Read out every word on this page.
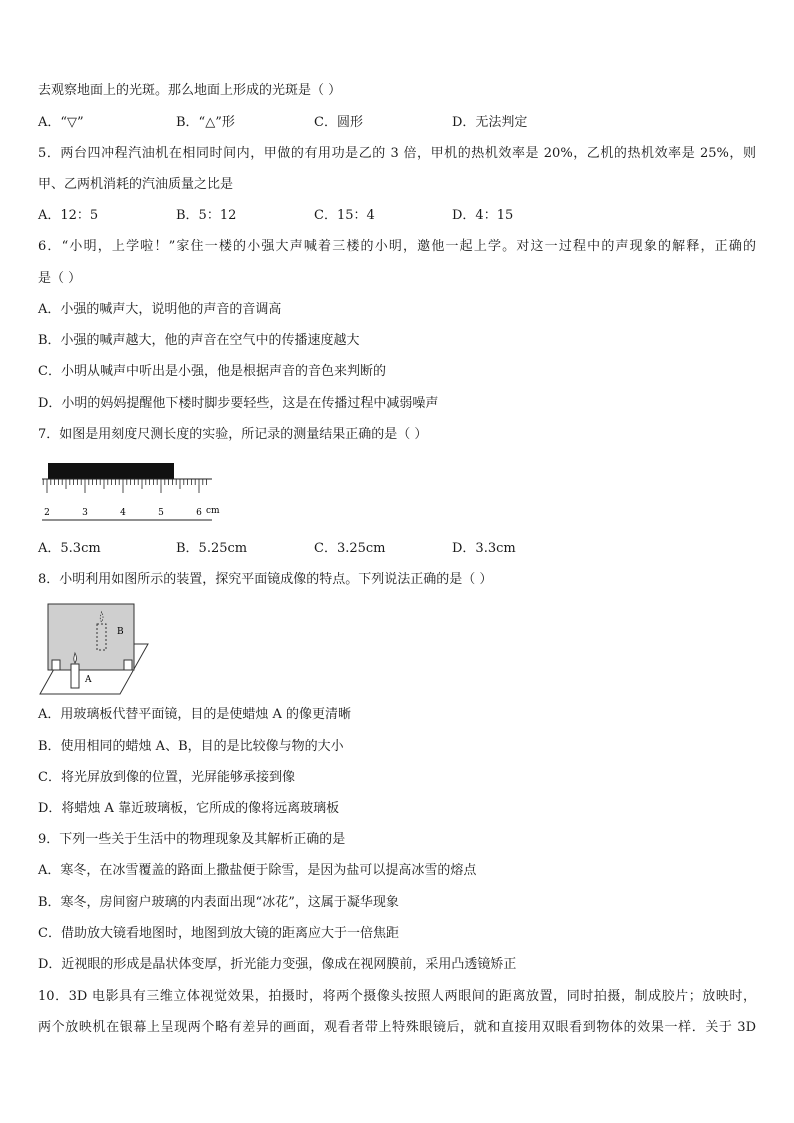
去观察地面上的光斑。那么地面上形成的光斑是（ ）
A．“▽”	B．“△”形	C．圆形	D．无法判定
5．两台四冲程汽油机在相同时间内，甲做的有用功是乙的 3 倍，甲机的热机效率是 20%，乙机的热机效率是 25%，则
甲、乙两机消耗的汽油质量之比是
A．12：5	B．5：12	C．15：4	D．4：15
6．“小明，上学啦！”家住一楼的小强大声喊着三楼的小明，邀他一起上学。对这一过程中的声现象的解释，正确的
是（ ）
A．小强的喊声大，说明他的声音的音调高
B．小强的喊声越大，他的声音在空气中的传播速度越大
C．小明从喊声中听出是小强，他是根据声音的音色来判断的
D．小明的妈妈提醒他下楼时脚步要轻些，这是在传播过程中减弱噪声
7．如图是用刻度尺测长度的实验，所记录的测量结果正确的是（ ）
2	3	4	5	6 cm
A．5.3cm	B．5.25cm	C．3.25cm	D．3.3cm
8．小明利用如图所示的装置，探究平面镜成像的特点。下列说法正确的是（ ）
B
A
A．用玻璃板代替平面镜，目的是使蜡烛 A 的像更清晰
B．使用相同的蜡烛 A、B，目的是比较像与物的大小
C．将光屏放到像的位置，光屏能够承接到像
D．将蜡烛 A 靠近玻璃板，它所成的像将远离玻璃板
9．下列一些关于生活中的物理现象及其解析正确的是
A．寒冬，在冰雪覆盖的路面上撒盐便于除雪，是因为盐可以提高冰雪的熔点
B．寒冬，房间窗户玻璃的内表面出现“冰花”，这属于凝华现象
C．借助放大镜看地图时，地图到放大镜的距离应大于一倍焦距
D．近视眼的形成是晶状体变厚，折光能力变强，像成在视网膜前，采用凸透镜矫正
10．3D 电影具有三维立体视觉效果，拍摄时，将两个摄像头按照人两眼间的距离放置，同时拍摄，制成胶片；放映时，
两个放映机在银幕上呈现两个略有差异的画面，观看者带上特殊眼镜后，就和直接用双眼看到物体的效果一样．关于 3D
